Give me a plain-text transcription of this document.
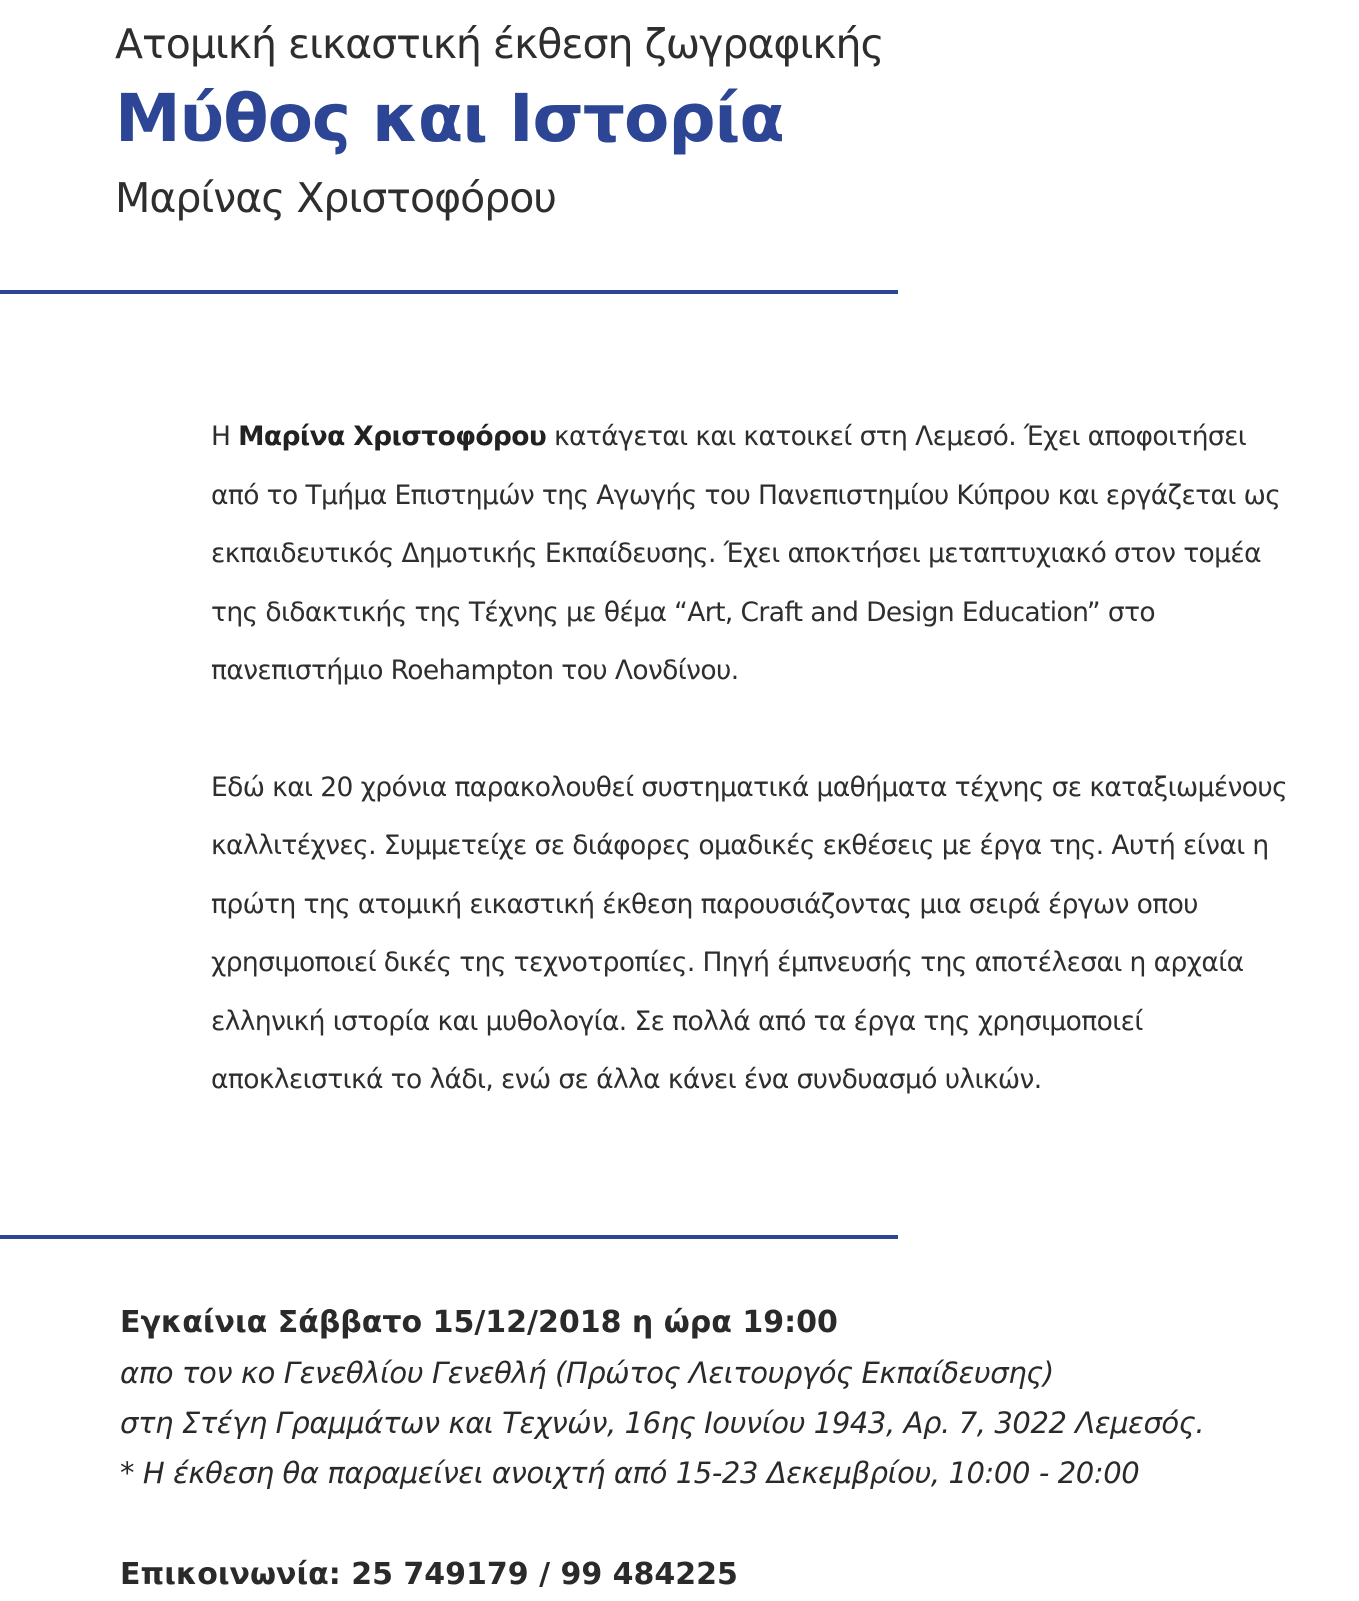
Ατομική εικαστική έκθεση ζωγραφικής

Μύθος και Ιστορία

Μαρίνας Χριστοφόρου

Η Μαρίνα Χριστοφόρου κατάγεται και κατοικεί στη Λεμεσό. Έχει αποφοιτήσει

από το Τμήμα Επιστημών της Αγωγής του Πανεπιστημίου Κύπρου και εργάζεται ως

εκπαιδευτικός Δημοτικής Εκπαίδευσης. Έχει αποκτήσει μεταπτυχιακό στον τομέα

της διδακτικής της Τέχνης με θέμα “Art, Craft and Design Education” στο

πανεπιστήμιο Roehampton του Λονδίνου.

Εδώ και 20 χρόνια παρακολουθεί συστηματικά μαθήματα τέχνης σε καταξιωμένους

καλλιτέχνες. Συμμετείχε σε διάφορες ομαδικές εκθέσεις με έργα της. Αυτή είναι η

πρώτη της ατομική εικαστική έκθεση παρουσιάζοντας μια σειρά έργων οπου

χρησιμοποιεί δικές της τεχνοτροπίες. Πηγή έμπνευσής της αποτέλεσαι η αρχαία

ελληνική ιστορία και μυθολογία. Σε πολλά από τα έργα της χρησιμοποιεί

αποκλειστικά το λάδι, ενώ σε άλλα κάνει ένα συνδυασμό υλικών.

Εγκαίνια Σάββατο 15/12/2018 η ώρα 19:00

απο τον κο Γενεθλίου Γενεθλή (Πρώτος Λειτουργός Εκπαίδευσης)

στη Στέγη Γραμμάτων και Τεχνών, 16ης Ιουνίου 1943, Αρ. 7, 3022 Λεμεσός.

* Η έκθεση θα παραμείνει ανοιχτή από 15-23 Δεκεμβρίου, 10:00 - 20:00

Επικοινωνία: 25 749179 / 99 484225
